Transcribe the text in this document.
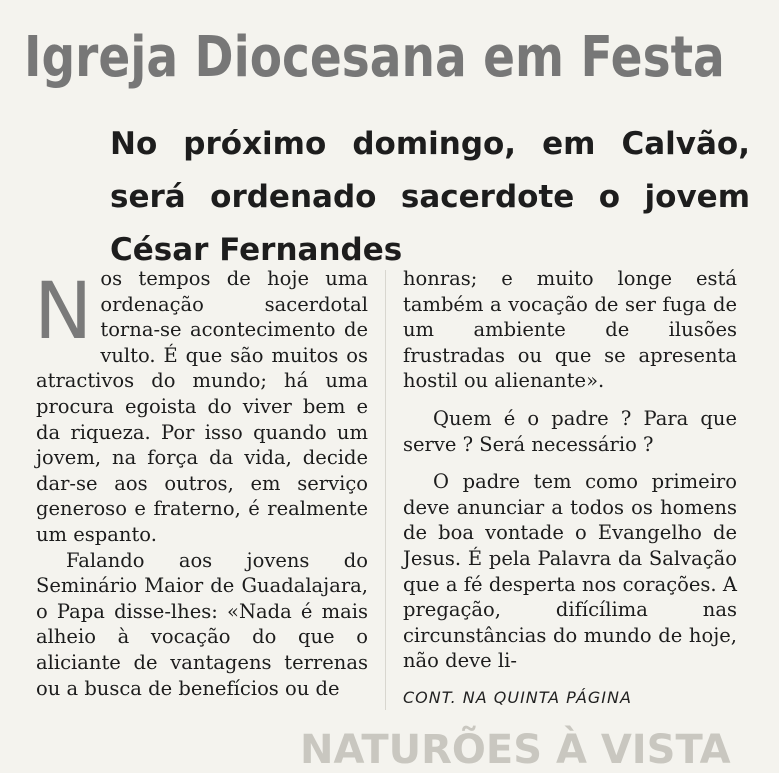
Igreja Diocesana em Festa
No próximo domingo, em Calvão, será ordenado sacerdote o jovem César Fernandes
N os tempos de hoje uma ordenação sacerdotal torna-se acontecimento de vulto. É que são muitos os atractivos do mundo; há uma procura egoista do viver bem e da riqueza. Por isso quando um jovem, na força da vida, decide dar-se aos outros, em serviço generoso e fraterno, é realmente um espanto.

Falando aos jovens do Seminário Maior de Guadalajara, o Papa disse-lhes: «Nada é mais alheio à vocação do que o aliciante de vantagens terrenas ou a busca de benefícios ou de

honras; e muito longe está também a vocação de ser fuga de um ambiente de ilusões frustradas ou que se apresenta hostil ou alienante».

Quem é o padre ? Para que serve ? Será necessário ?

O padre tem como primeiro deve anunciar a todos os homens de boa vontade o Evangelho de Jesus. É pela Palavra da Salvação que a fé desperta nos corações. A pregação, difícílima nas circunstâncias do mundo de hoje, não deve li-

CONT. NA QUINTA PÁGINA
NATURÕES À VISTA
